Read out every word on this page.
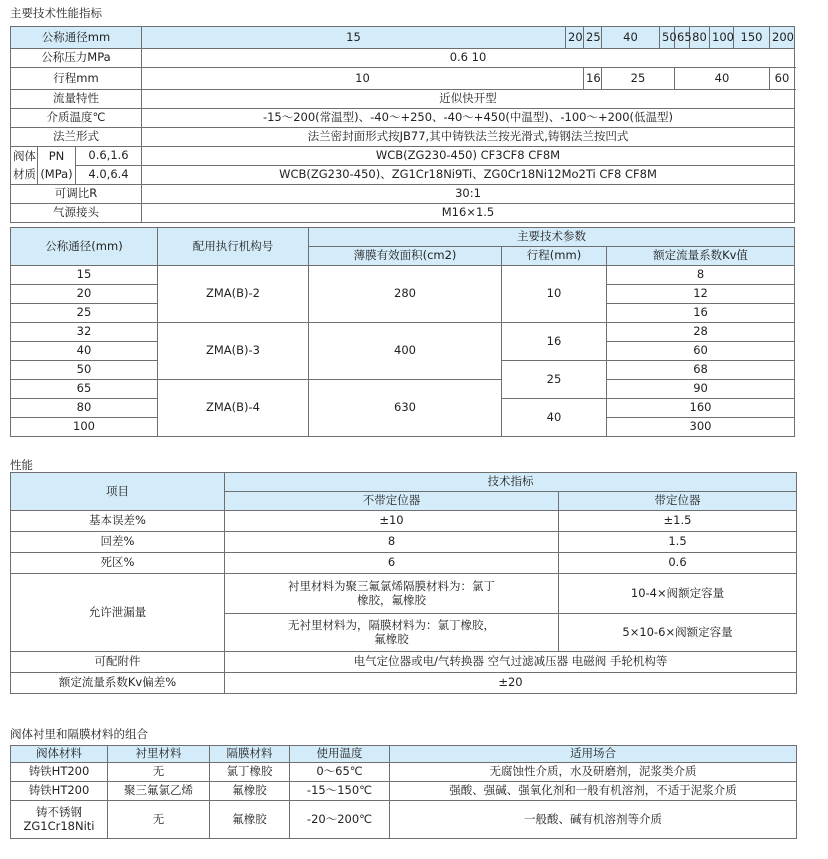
主要技术性能指标
公称通径mm			15	20	25	40	50	65	80	100	150	200
公称压力MPa			0.6 10									
行程mm			10		16	25		40				60
流量特性			近似快开型									
介质温度℃			-15～200(常温型)、-40～+250、-40～+450(中温型)、-100～+200(低温型)									
法兰形式			法兰密封面形式按JB77,其中铸铁法兰按光滑式,铸钢法兰按凹式									
阀体	PN	0.6,1.6	WCB(ZG230-450) CF3CF8 CF8M									
材质	(MPa)	4.0,6.4	WCB(ZG230-450)、ZG1Cr18Ni9Ti、ZG0Cr18Ni12Mo2Ti CF8 CF8M									
可调比R			30:1									
气源接头			M16×1.5									
公称通径(mm)	配用执行机构号	主要技术参数		
		薄膜有效面积(cm2)	行程(mm)	额定流量系数Kv值
15	ZMA(B)-2	280	10	8
20				12
25				16
32	ZMA(B)-3	400	16	28
40				60
50			25	68
65	ZMA(B)-4	630		90
80			40	160
100				300
性能
项目	技术指标	
	不带定位器	带定位器
基本误差%	±10	±1.5
回差%	8	1.5
死区%	6	0.6
允许泄漏量	衬里材料为聚三氟氯烯隔膜材料为：氯丁橡胶，氟橡胶	10-4×阀额定容量
	无衬里材料为，隔膜材料为：氯丁橡胶，氟橡胶	5×10-6×阀额定容量
可配附件	电气定位器或电/气转换器 空气过滤减压器 电磁阀 手轮机构等	
额定流量系数Kv偏差%	±20	
阀体衬里和隔膜材料的组合
阀体材料	衬里材料	隔膜材料	使用温度	适用场合
铸铁HT200	无	氯丁橡胶	0～65℃	无腐蚀性介质，水及研磨剂，泥浆类介质
铸铁HT200	聚三氟氯乙烯	氟橡胶	-15～150℃	强酸、强碱、强氧化剂和一般有机溶剂，不适于泥浆介质
铸不锈钢 ZG1Cr18Niti	无	氟橡胶	-20～200℃	一般酸、碱有机溶剂等介质
